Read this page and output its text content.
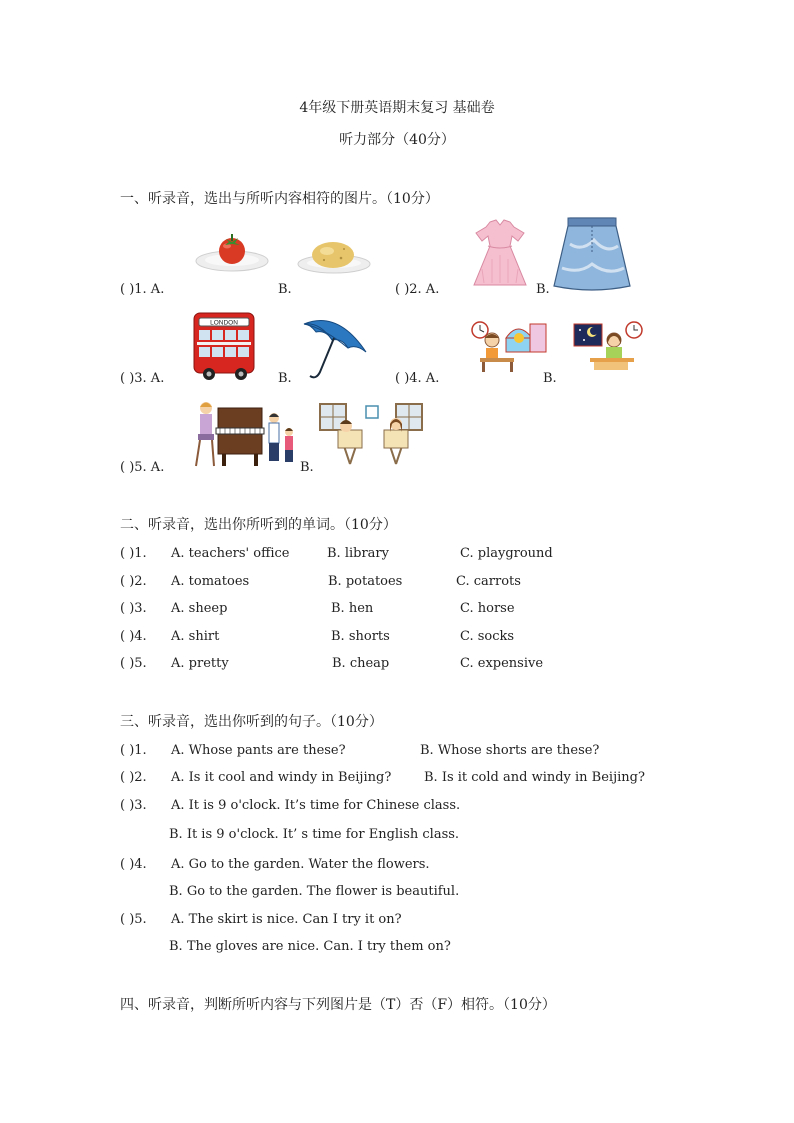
4年级下册英语期末复习 基础卷
听力部分（40分）
一、听录音，选出与所听内容相符的图片。（10分）
( )1. A.	B.	( )2. A.	B.
( )3. A.	B.	( )4. A.	B.
LONDON
( )5. A.	B.
二、听录音，选出你所听到的单词。（10分）
( )1. A. teachers' office	B. library	C. playground
( )2. A. tomatoes	B. potatoes	C. carrots
( )3. A. sheep	B. hen	C. horse
( )4. A. shirt	B. shorts	C. socks
( )5. A. pretty	B. cheap	C. expensive
三、听录音，选出你听到的句子。（10分）
( )1. A. Whose pants are these?	B. Whose shorts are these?
( )2. A. Is it cool and windy in Beijing?	B. Is it cold and windy in Beijing?
( )3. A. It is 9 o'clock. It’s time for Chinese class.
B. It is 9 o'clock. It’ s time for English class.
( )4. A. Go to the garden. Water the flowers.
B. Go to the garden. The flower is beautiful.
( )5. A. The skirt is nice. Can I try it on?
B. The gloves are nice. Can. I try them on?
四、听录音，判断所听内容与下列图片是（T）否（F）相符。（10分）
